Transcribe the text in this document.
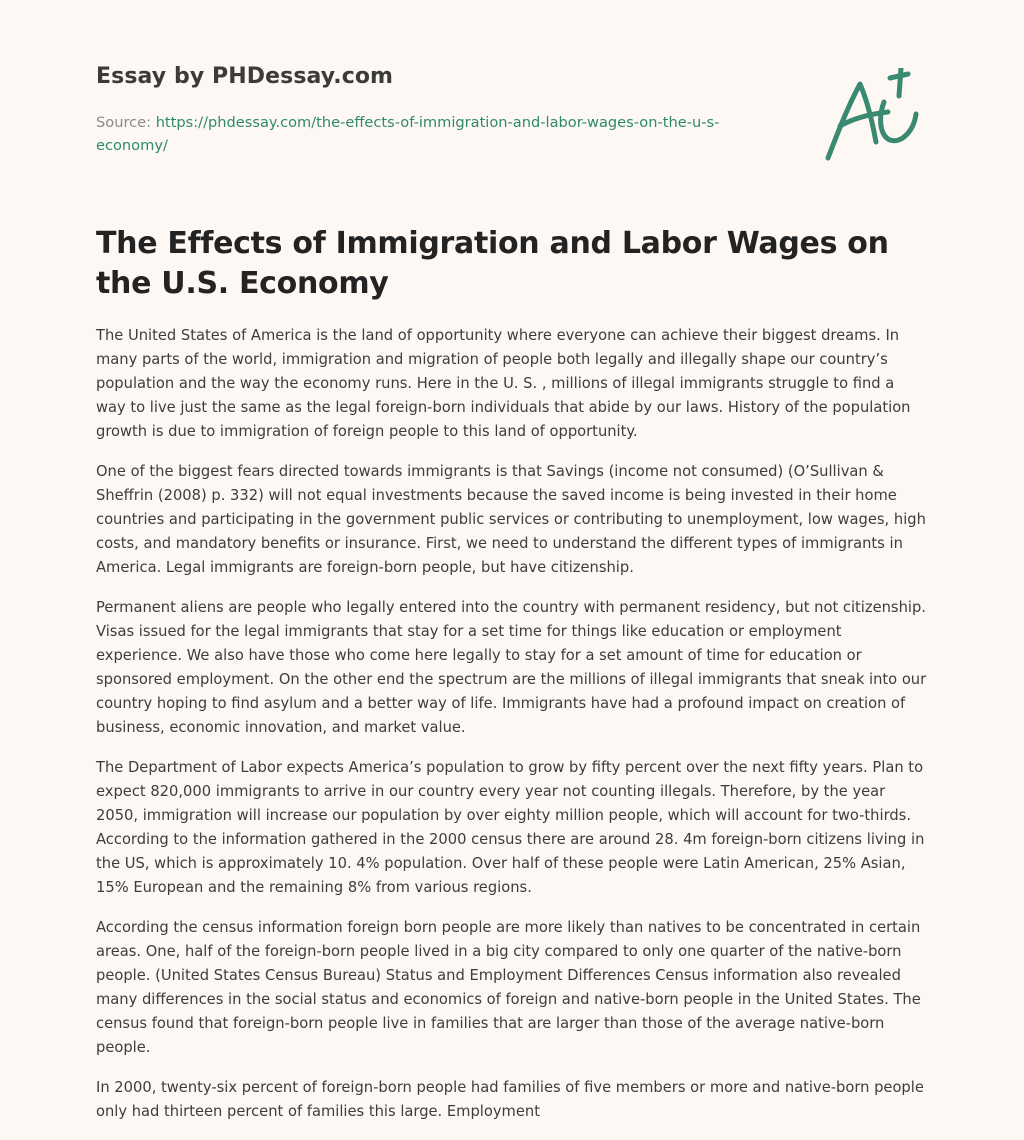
Essay by PHDessay.com
Source: https://phdessay.com/the-effects-of-immigration-and-labor-wages-on-the-u-s-economy/
The Effects of Immigration and Labor Wages on the U.S. Economy

The United States of America is the land of opportunity where everyone can achieve their biggest dreams. In many parts of the world, immigration and migration of people both legally and illegally shape our country’s population and the way the economy runs. Here in the U. S. , millions of illegal immigrants struggle to find a way to live just the same as the legal foreign-born individuals that abide by our laws. History of the population growth is due to immigration of foreign people to this land of opportunity.

One of the biggest fears directed towards immigrants is that Savings (income not consumed) (O’Sullivan & Sheffrin (2008) p. 332) will not equal investments because the saved income is being invested in their home countries and participating in the government public services or contributing to unemployment, low wages, high costs, and mandatory benefits or insurance. First, we need to understand the different types of immigrants in America. Legal immigrants are foreign-born people, but have citizenship.

Permanent aliens are people who legally entered into the country with permanent residency, but not citizenship. Visas issued for the legal immigrants that stay for a set time for things like education or employment experience. We also have those who come here legally to stay for a set amount of time for education or sponsored employment. On the other end the spectrum are the millions of illegal immigrants that sneak into our country hoping to find asylum and a better way of life. Immigrants have had a profound impact on creation of business, economic innovation, and market value.

The Department of Labor expects America’s population to grow by fifty percent over the next fifty years. Plan to expect 820,000 immigrants to arrive in our country every year not counting illegals. Therefore, by the year 2050, immigration will increase our population by over eighty million people, which will account for two-thirds. According to the information gathered in the 2000 census there are around 28. 4m foreign-born citizens living in the US, which is approximately 10. 4% population. Over half of these people were Latin American, 25% Asian, 15% European and the remaining 8% from various regions.

According the census information foreign born people are more likely than natives to be concentrated in certain areas. One, half of the foreign-born people lived in a big city compared to only one quarter of the native-born people. (United States Census Bureau) Status and Employment Differences Census information also revealed many differences in the social status and economics of foreign and native-born people in the United States. The census found that foreign-born people live in families that are larger than those of the average native-born people.

In 2000, twenty-six percent of foreign-born people had families of five members or more and native-born people only had thirteen percent of families this large. Employment
